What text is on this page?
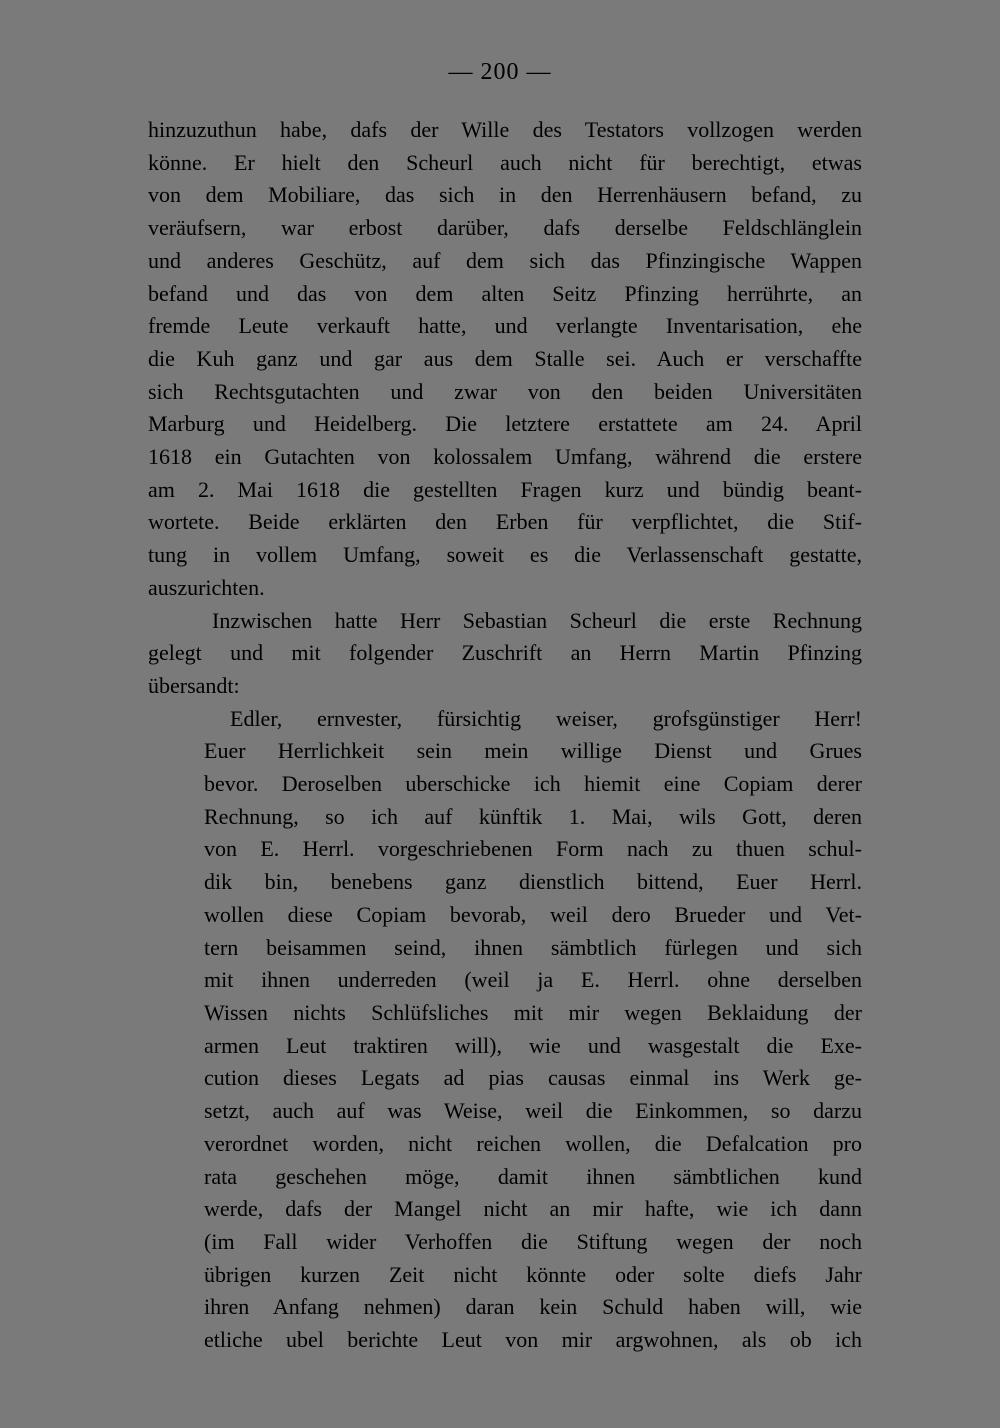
— 200 —
hinzuzuthun habe, dafs der Wille des Testators vollzogen werden
könne. Er hielt den Scheurl auch nicht für berechtigt, etwas
von dem Mobiliare, das sich in den Herrenhäusern befand, zu
veräufsern, war erbost darüber, dafs derselbe Feldschlänglein
und anderes Geschütz, auf dem sich das Pfinzingische Wappen
befand und das von dem alten Seitz Pfinzing herrührte, an
fremde Leute verkauft hatte, und verlangte Inventarisation, ehe
die Kuh ganz und gar aus dem Stalle sei. Auch er verschaffte
sich Rechtsgutachten und zwar von den beiden Universitäten
Marburg und Heidelberg. Die letztere erstattete am 24. April
1618 ein Gutachten von kolossalem Umfang, während die erstere
am 2. Mai 1618 die gestellten Fragen kurz und bündig beant-
wortete. Beide erklärten den Erben für verpflichtet, die Stif-
tung in vollem Umfang, soweit es die Verlassenschaft gestatte,
auszurichten.
Inzwischen hatte Herr Sebastian Scheurl die erste Rechnung
gelegt und mit folgender Zuschrift an Herrn Martin Pfinzing
übersandt:
Edler, ernvester, fürsichtig weiser, grofsgünstiger Herr!
Euer Herrlichkeit sein mein willige Dienst und Grues
bevor. Deroselben uberschicke ich hiemit eine Copiam derer
Rechnung, so ich auf künftik 1. Mai, wils Gott, deren
von E. Herrl. vorgeschriebenen Form nach zu thuen schul-
dik bin, benebens ganz dienstlich bittend, Euer Herrl.
wollen diese Copiam bevorab, weil dero Brueder und Vet-
tern beisammen seind, ihnen sämbtlich fürlegen und sich
mit ihnen underreden (weil ja E. Herrl. ohne derselben
Wissen nichts Schlüfsliches mit mir wegen Beklaidung der
armen Leut traktiren will), wie und wasgestalt die Exe-
cution dieses Legats ad pias causas einmal ins Werk ge-
setzt, auch auf was Weise, weil die Einkommen, so darzu
verordnet worden, nicht reichen wollen, die Defalcation pro
rata geschehen möge, damit ihnen sämbtlichen kund
werde, dafs der Mangel nicht an mir hafte, wie ich dann
(im Fall wider Verhoffen die Stiftung wegen der noch
übrigen kurzen Zeit nicht könnte oder solte diefs Jahr
ihren Anfang nehmen) daran kein Schuld haben will, wie
etliche ubel berichte Leut von mir argwohnen, als ob ich
